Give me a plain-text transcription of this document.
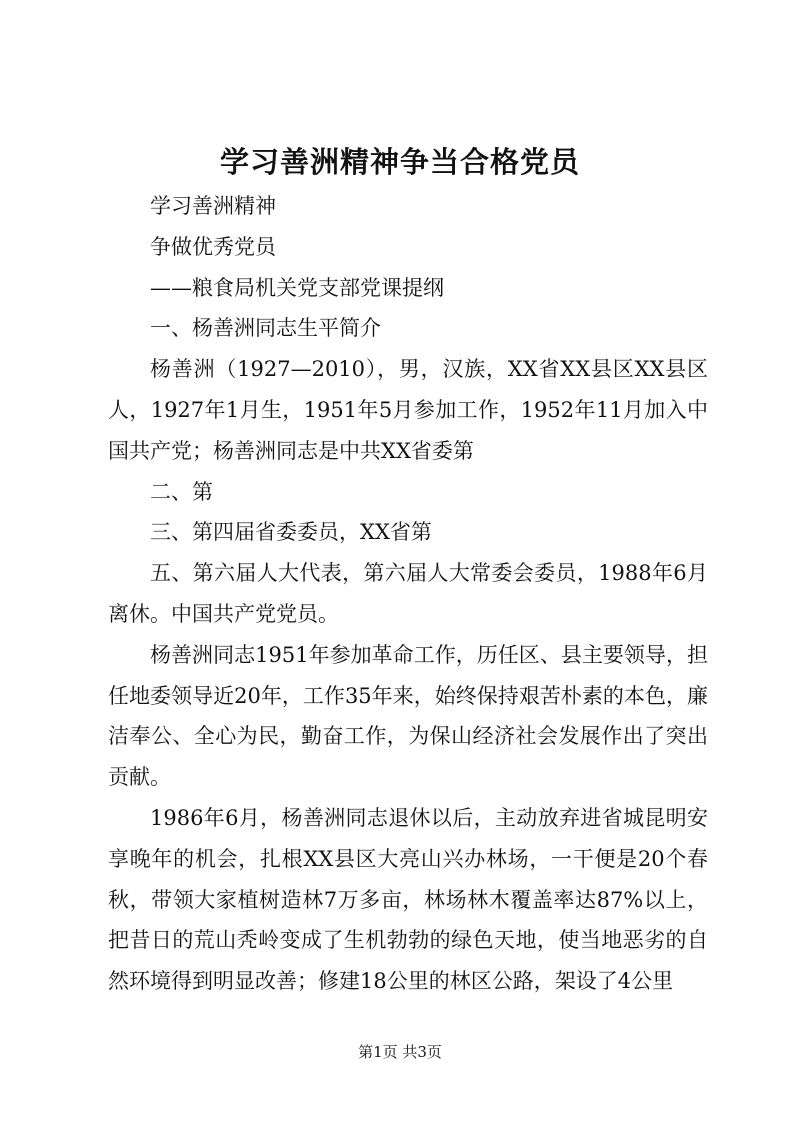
学习善洲精神争当合格党员

学习善洲精神

争做优秀党员

——粮食局机关党支部党课提纲

一、杨善洲同志生平简介

杨善洲（1927—2010），男，汉族，XX省XX县区XX县区人，1927年1月生，1951年5月参加工作，1952年11月加入中国共产党；杨善洲同志是中共XX省委第

二、第

三、第四届省委委员，XX省第

五、第六届人大代表，第六届人大常委会委员，1988年6月离休。中国共产党党员。

杨善洲同志1951年参加革命工作，历任区、县主要领导，担任地委领导近20年，工作35年来，始终保持艰苦朴素的本色，廉洁奉公、全心为民，勤奋工作，为保山经济社会发展作出了突出贡献。

1986年6月，杨善洲同志退休以后，主动放弃进省城昆明安享晚年的机会，扎根XX县区大亮山兴办林场，一干便是20个春秋，带领大家植树造林7万多亩，林场林木覆盖率达87%以上，把昔日的荒山秃岭变成了生机勃勃的绿色天地，使当地恶劣的自然环境得到明显改善；修建18公里的林区公路，架设了4公里

第1页 共3页
